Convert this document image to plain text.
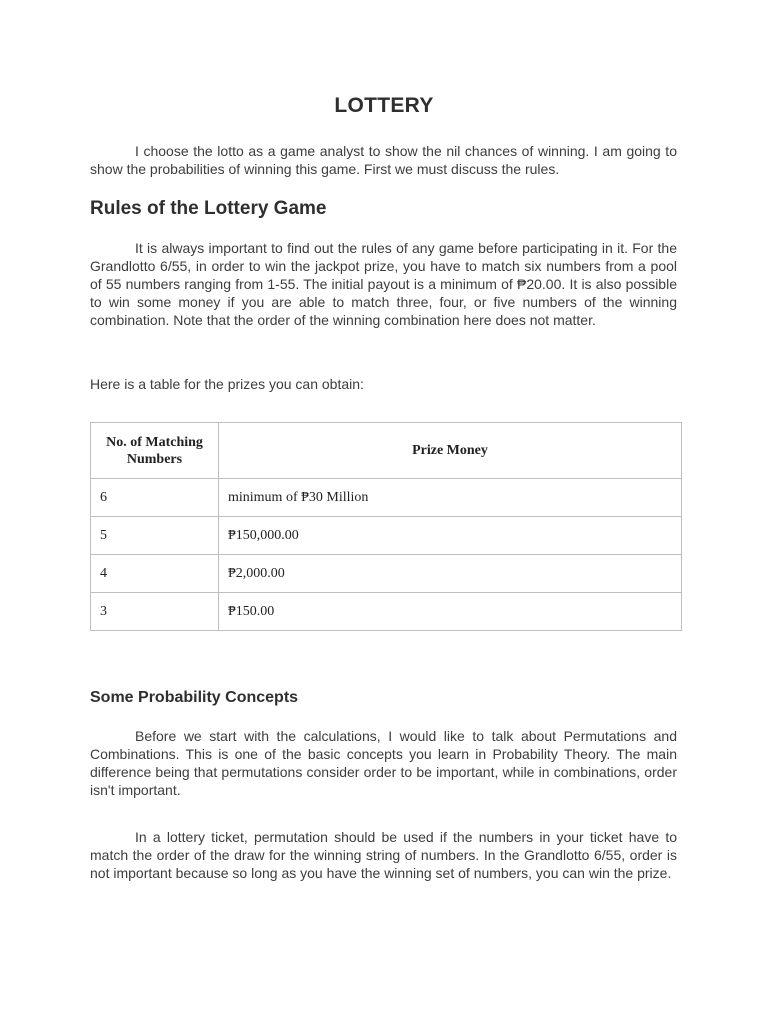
LOTTERY

I choose the lotto as a game analyst to show the nil chances of winning. I am going to show the probabilities of winning this game. First we must discuss the rules.

Rules of the Lottery Game

It is always important to find out the rules of any game before participating in it. For the Grandlotto 6/55, in order to win the jackpot prize, you have to match six numbers from a pool of 55 numbers ranging from 1-55. The initial payout is a minimum of ₱20.00. It is also possible to win some money if you are able to match three, four, or five numbers of the winning combination. Note that the order of the winning combination here does not matter.

Here is a table for the prizes you can obtain:

No. of Matching Numbers	Prize Money
6	minimum of ₱30 Million
5	₱150,000.00
4	₱2,000.00
3	₱150.00
Some Probability Concepts

Before we start with the calculations, I would like to talk about Permutations and Combinations. This is one of the basic concepts you learn in Probability Theory. The main difference being that permutations consider order to be important, while in combinations, order isn't important.

In a lottery ticket, permutation should be used if the numbers in your ticket have to match the order of the draw for the winning string of numbers. In the Grandlotto 6/55, order is not important because so long as you have the winning set of numbers, you can win the prize.
